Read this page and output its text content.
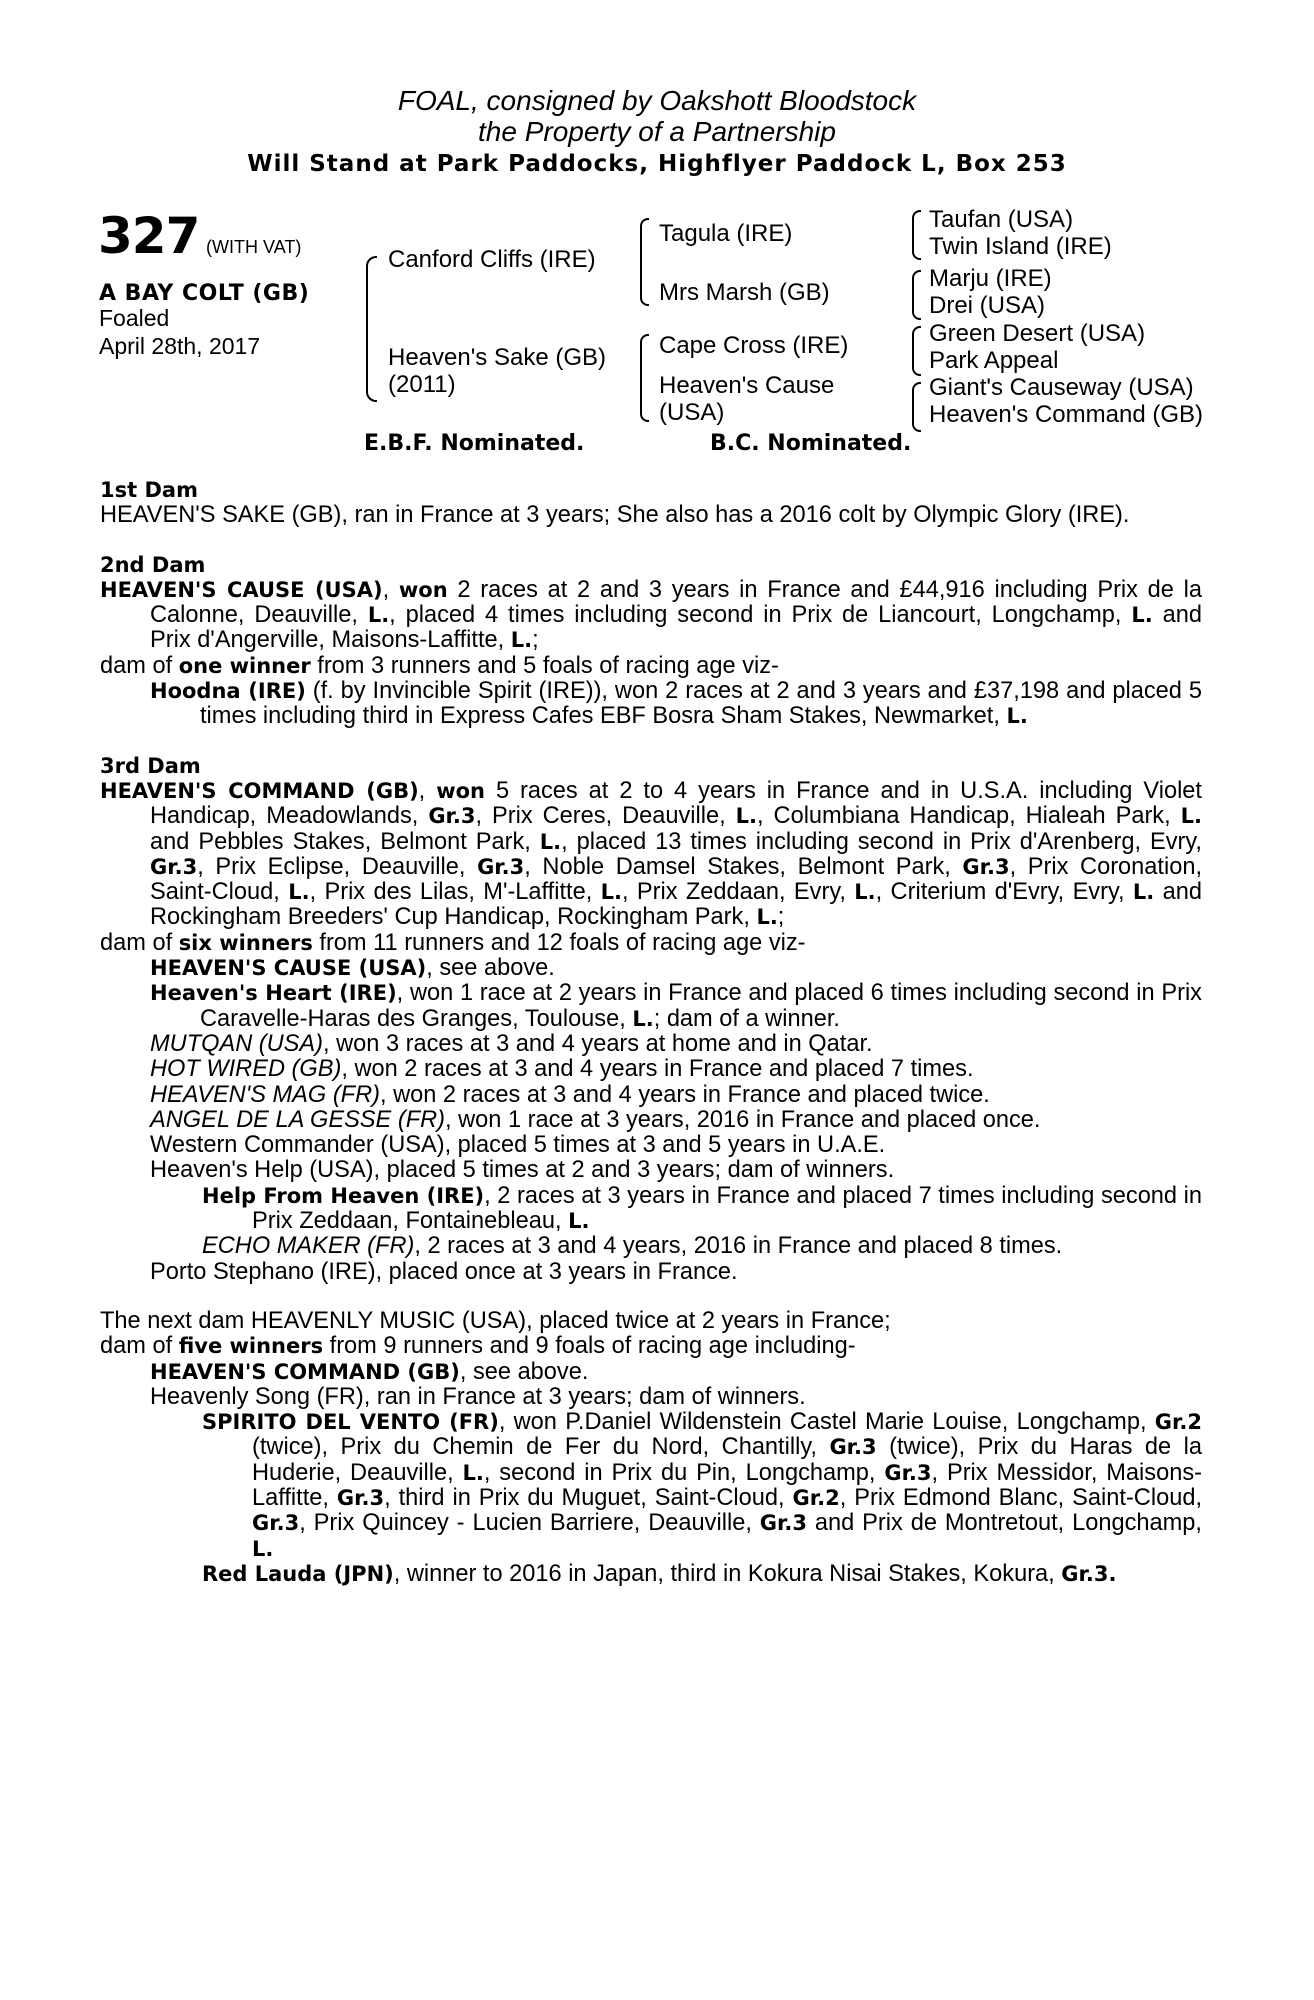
FOAL, consigned by Oakshott Bloodstock
the Property of a Partnership
Will Stand at Park Paddocks, Highflyer Paddock L, Box 253
327 (WITH VAT)
A BAY COLT (GB)
Foaled
April 28th, 2017
Canford Cliffs (IRE)
Heaven's Sake (GB)
(2011)
Tagula (IRE)
Mrs Marsh (GB)
Cape Cross (IRE)
Heaven's Cause
(USA)
Taufan (USA)
Twin Island (IRE)
Marju (IRE)
Drei (USA)
Green Desert (USA)
Park Appeal
Giant's Causeway (USA)
Heaven's Command (GB)
E.B.F. Nominated.	B.C. Nominated.

1st Dam

HEAVEN'S SAKE (GB), ran in France at 3 years; She also has a 2016 colt by Olympic Glory (IRE).

2nd Dam

HEAVEN'S CAUSE (USA), won 2 races at 2 and 3 years in France and £44,916 including Prix de la Calonne, Deauville, L., placed 4 times including second in Prix de Liancourt, Longchamp, L. and Prix d'Angerville, Maisons-Laffitte, L.;

dam of one winner from 3 runners and 5 foals of racing age viz-

Hoodna (IRE) (f. by Invincible Spirit (IRE)), won 2 races at 2 and 3 years and £37,198 and placed 5 times including third in Express Cafes EBF Bosra Sham Stakes, Newmarket, L.

3rd Dam

HEAVEN'S COMMAND (GB), won 5 races at 2 to 4 years in France and in U.S.A. including Violet Handicap, Meadowlands, Gr.3, Prix Ceres, Deauville, L., Columbiana Handicap, Hialeah Park, L. and Pebbles Stakes, Belmont Park, L., placed 13 times including second in Prix d'Arenberg, Evry, Gr.3, Prix Eclipse, Deauville, Gr.3, Noble Damsel Stakes, Belmont Park, Gr.3, Prix Coronation, Saint-Cloud, L., Prix des Lilas, M'-Laffitte, L., Prix Zeddaan, Evry, L., Criterium d'Evry, Evry, L. and Rockingham Breeders' Cup Handicap, Rockingham Park, L.;

dam of six winners from 11 runners and 12 foals of racing age viz-

HEAVEN'S CAUSE (USA), see above.

Heaven's Heart (IRE), won 1 race at 2 years in France and placed 6 times including second in Prix Caravelle-Haras des Granges, Toulouse, L.; dam of a winner.

MUTQAN (USA), won 3 races at 3 and 4 years at home and in Qatar.

HOT WIRED (GB), won 2 races at 3 and 4 years in France and placed 7 times.

HEAVEN'S MAG (FR), won 2 races at 3 and 4 years in France and placed twice.

ANGEL DE LA GESSE (FR), won 1 race at 3 years, 2016 in France and placed once.

Western Commander (USA), placed 5 times at 3 and 5 years in U.A.E.

Heaven's Help (USA), placed 5 times at 2 and 3 years; dam of winners.

Help From Heaven (IRE), 2 races at 3 years in France and placed 7 times including second in Prix Zeddaan, Fontainebleau, L.

ECHO MAKER (FR), 2 races at 3 and 4 years, 2016 in France and placed 8 times.

Porto Stephano (IRE), placed once at 3 years in France.

The next dam HEAVENLY MUSIC (USA), placed twice at 2 years in France;

dam of five winners from 9 runners and 9 foals of racing age including-

HEAVEN'S COMMAND (GB), see above.

Heavenly Song (FR), ran in France at 3 years; dam of winners.

SPIRITO DEL VENTO (FR), won P.Daniel Wildenstein Castel Marie Louise, Longchamp, Gr.2 (twice), Prix du Chemin de Fer du Nord, Chantilly, Gr.3 (twice), Prix du Haras de la Huderie, Deauville, L., second in Prix du Pin, Longchamp, Gr.3, Prix Messidor, Maisons-Laffitte, Gr.3, third in Prix du Muguet, Saint-Cloud, Gr.2, Prix Edmond Blanc, Saint-Cloud, Gr.3, Prix Quincey - Lucien Barriere, Deauville, Gr.3 and Prix de Montretout, Longchamp, L.

Red Lauda (JPN), winner to 2016 in Japan, third in Kokura Nisai Stakes, Kokura, Gr.3.
